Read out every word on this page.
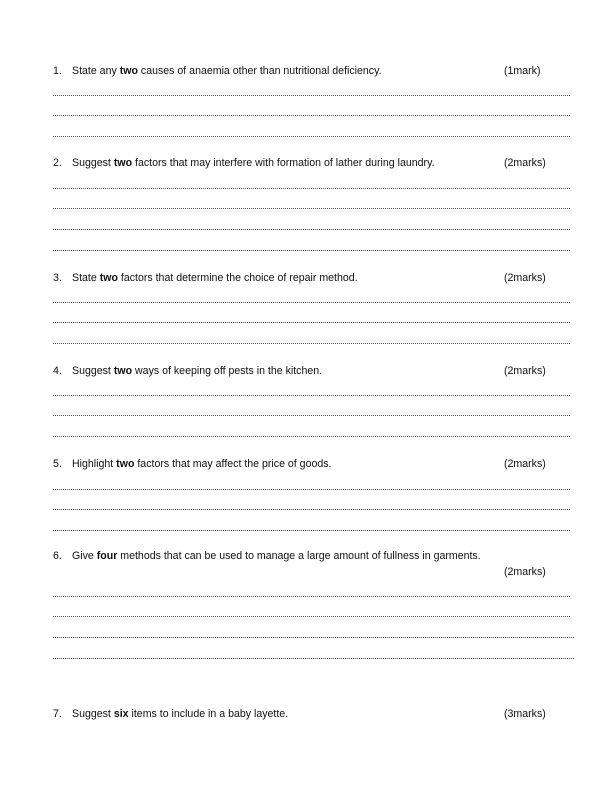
1. State any two causes of anaemia other than nutritional deficiency.	(1mark)
2. Suggest two factors that may interfere with formation of lather during laundry.	(2marks)
3. State two factors that determine the choice of repair method.	(2marks)
4. Suggest two ways of keeping off pests in the kitchen.	(2marks)
5. Highlight two factors that may affect the price of goods.	(2marks)
6. Give four methods that can be used to manage a large amount of fullness in garments.
(2marks)
7. Suggest six items to include in a baby layette.	(3marks)
